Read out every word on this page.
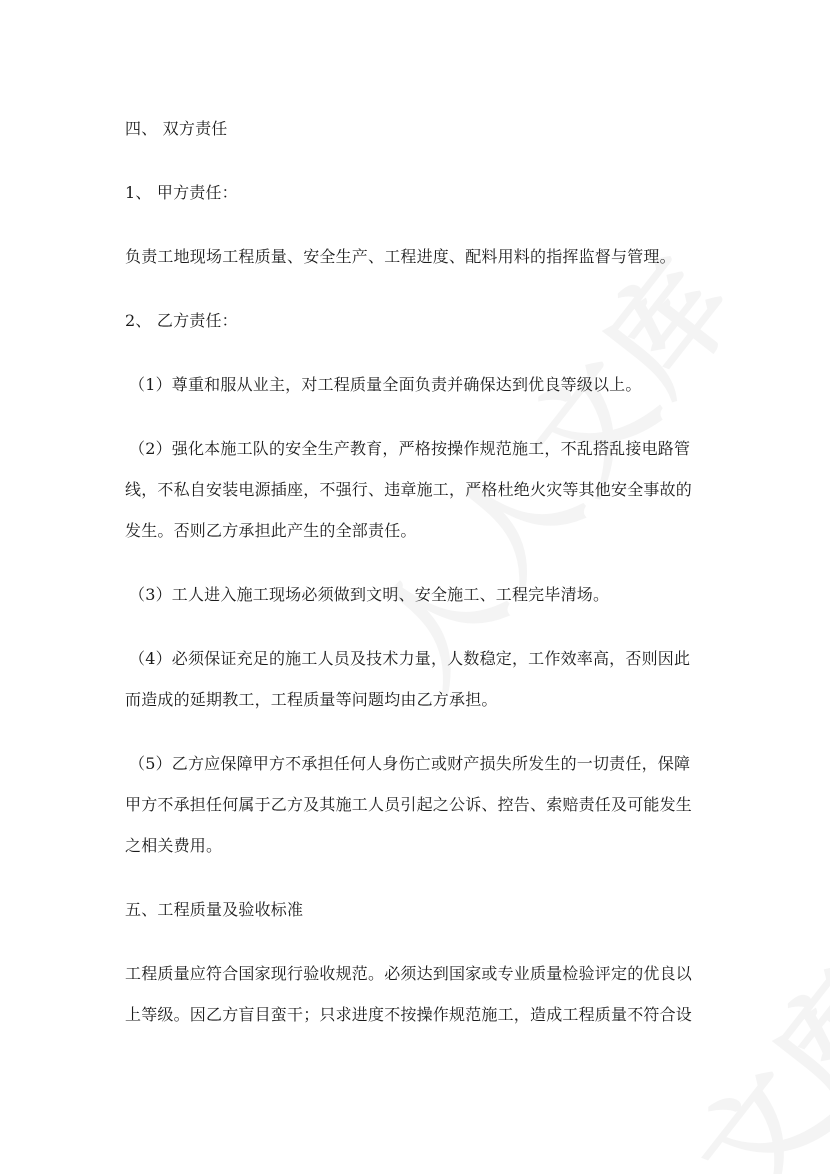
四、 双方责任

1、 甲方责任：

负责工地现场工程质量、安全生产、工程进度、配料用料的指挥监督与管理。

2、 乙方责任：

（1）尊重和服从业主，对工程质量全面负责并确保达到优良等级以上。

（2）强化本施工队的安全生产教育，严格按操作规范施工，不乱搭乱接电路管

线，不私自安装电源插座，不强行、违章施工，严格杜绝火灾等其他安全事故的

发生。否则乙方承担此产生的全部责任。

（3）工人进入施工现场必须做到文明、安全施工、工程完毕清场。

（4）必须保证充足的施工人员及技术力量，人数稳定，工作效率高，否则因此

而造成的延期教工，工程质量等问题均由乙方承担。

（5）乙方应保障甲方不承担任何人身伤亡或财产损失所发生的一切责任，保障

甲方不承担任何属于乙方及其施工人员引起之公诉、控告、索赔责任及可能发生

之相关费用。

五、工程质量及验收标准

工程质量应符合国家现行验收规范。必须达到国家或专业质量检验评定的优良以

上等级。因乙方盲目蛮干；只求进度不按操作规范施工，造成工程质量不符合设
